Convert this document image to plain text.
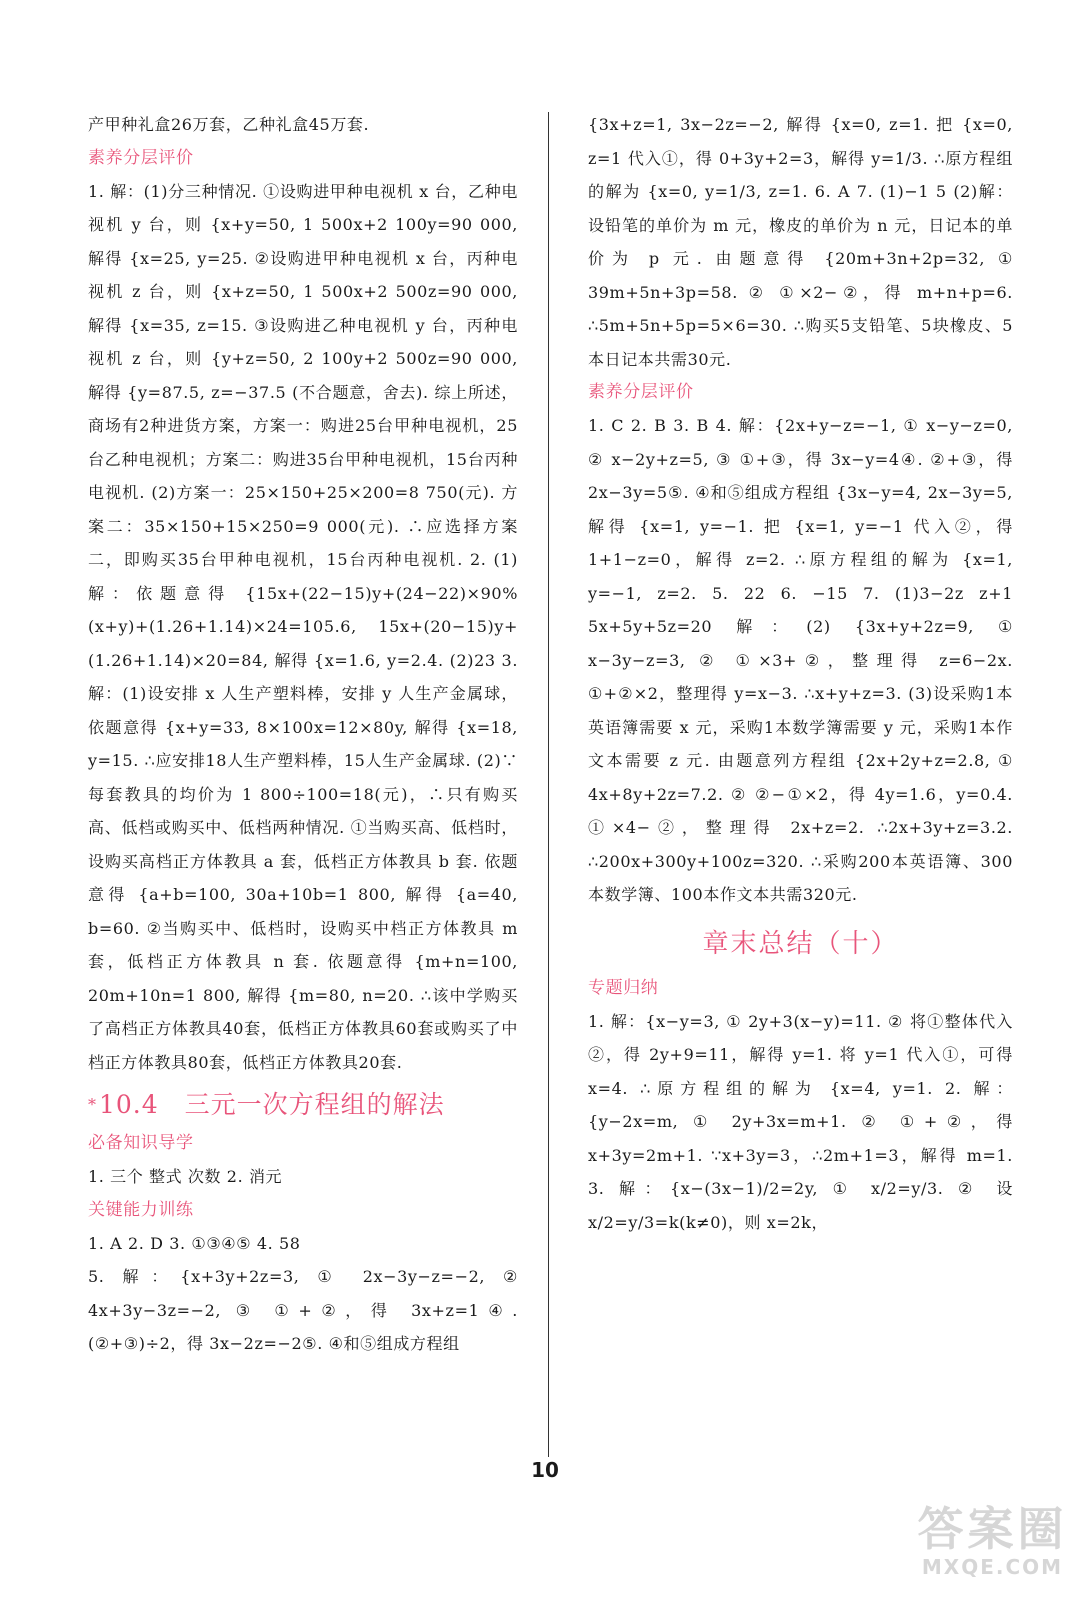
产甲种礼盒26万套，乙种礼盒45万套.

素养分层评价

1. 解：(1)分三种情况. ①设购进甲种电视机 x 台，乙种电视机 y 台，则 {x+y=50, 1 500x+2 100y=90 000, 解得 {x=25, y=25. ②设购进甲种电视机 x 台，丙种电视机 z 台，则 {x+z=50, 1 500x+2 500z=90 000, 解得 {x=35, z=15. ③设购进乙种电视机 y 台，丙种电视机 z 台，则 {y+z=50, 2 100y+2 500z=90 000, 解得 {y=87.5, z=−37.5 (不合题意，舍去). 综上所述，商场有2种进货方案，方案一：购进25台甲种电视机，25台乙种电视机；方案二：购进35台甲种电视机，15台丙种电视机. (2)方案一：25×150+25×200=8 750(元). 方案二：35×150+15×250=9 000(元). ∴应选择方案二，即购买35台甲种电视机，15台丙种电视机. 2. (1)解：依题意得 {15x+(22−15)y+(24−22)×90%(x+y)+(1.26+1.14)×24=105.6, 15x+(20−15)y+(1.26+1.14)×20=84, 解得 {x=1.6, y=2.4. (2)23 3. 解：(1)设安排 x 人生产塑料棒，安排 y 人生产金属球，依题意得 {x+y=33, 8×100x=12×80y, 解得 {x=18, y=15. ∴应安排18人生产塑料棒，15人生产金属球. (2)∵每套教具的均价为 1 800÷100=18(元)，∴只有购买高、低档或购买中、低档两种情况. ①当购买高、低档时，设购买高档正方体教具 a 套，低档正方体教具 b 套. 依题意得 {a+b=100, 30a+10b=1 800, 解得 {a=40, b=60. ②当购买中、低档时，设购买中档正方体教具 m 套，低档正方体教具 n 套. 依题意得 {m+n=100, 20m+10n=1 800, 解得 {m=80, n=20. ∴该中学购买了高档正方体教具40套，低档正方体教具60套或购买了中档正方体教具80套，低档正方体教具20套.

*10.4 三元一次方程组的解法

必备知识导学

1. 三个 整式 次数 2. 消元

关键能力训练

1. A 2. D 3. ①③④⑤ 4. 58

5. 解：{x+3y+2z=3, ① 2x−3y−z=−2, ② 4x+3y−3z=−2, ③ ①+②，得 3x+z=1④. (②+③)÷2，得 3x−2z=−2⑤. ④和⑤组成方程组

{3x+z=1, 3x−2z=−2, 解得 {x=0, z=1. 把 {x=0, z=1 代入①，得 0+3y+2=3，解得 y=1/3. ∴原方程组的解为 {x=0, y=1/3, z=1. 6. A 7. (1)−1 5 (2)解：设铅笔的单价为 m 元，橡皮的单价为 n 元，日记本的单价为 p 元. 由题意得 {20m+3n+2p=32, ① 39m+5n+3p=58. ② ①×2−②，得 m+n+p=6. ∴5m+5n+5p=5×6=30. ∴购买5支铅笔、5块橡皮、5本日记本共需30元.

素养分层评价

1. C 2. B 3. B 4. 解：{2x+y−z=−1, ① x−y−z=0, ② x−2y+z=5, ③ ①+③，得 3x−y=4④. ②+③，得 2x−3y=5⑤. ④和⑤组成方程组 {3x−y=4, 2x−3y=5, 解得 {x=1, y=−1. 把 {x=1, y=−1 代入②，得 1+1−z=0，解得 z=2. ∴原方程组的解为 {x=1, y=−1, z=2. 5. 22 6. −15 7. (1)3−2z z+1 5x+5y+5z=20 解：(2) {3x+y+2z=9, ① x−3y−z=3, ② ①×3+②，整理得 z=6−2x. ①+②×2，整理得 y=x−3. ∴x+y+z=3. (3)设采购1本英语簿需要 x 元，采购1本数学簿需要 y 元，采购1本作文本需要 z 元. 由题意列方程组 {2x+2y+z=2.8, ① 4x+8y+2z=7.2. ② ②−①×2，得 4y=1.6，y=0.4. ①×4−②，整理得 2x+z=2. ∴2x+3y+z=3.2. ∴200x+300y+100z=320. ∴采购200本英语簿、300本数学簿、100本作文本共需320元.

章末总结（十）

专题归纳

1. 解：{x−y=3, ① 2y+3(x−y)=11. ② 将①整体代入②，得 2y+9=11，解得 y=1. 将 y=1 代入①，可得 x=4. ∴原方程组的解为 {x=4, y=1. 2. 解：{y−2x=m, ① 2y+3x=m+1. ② ①+②，得 x+3y=2m+1. ∵x+3y=3，∴2m+1=3，解得 m=1. 3. 解：{x−(3x−1)/2=2y, ① x/2=y/3. ② 设 x/2=y/3=k(k≠0)，则 x=2k，

10
答案圈
MXQE.COM
